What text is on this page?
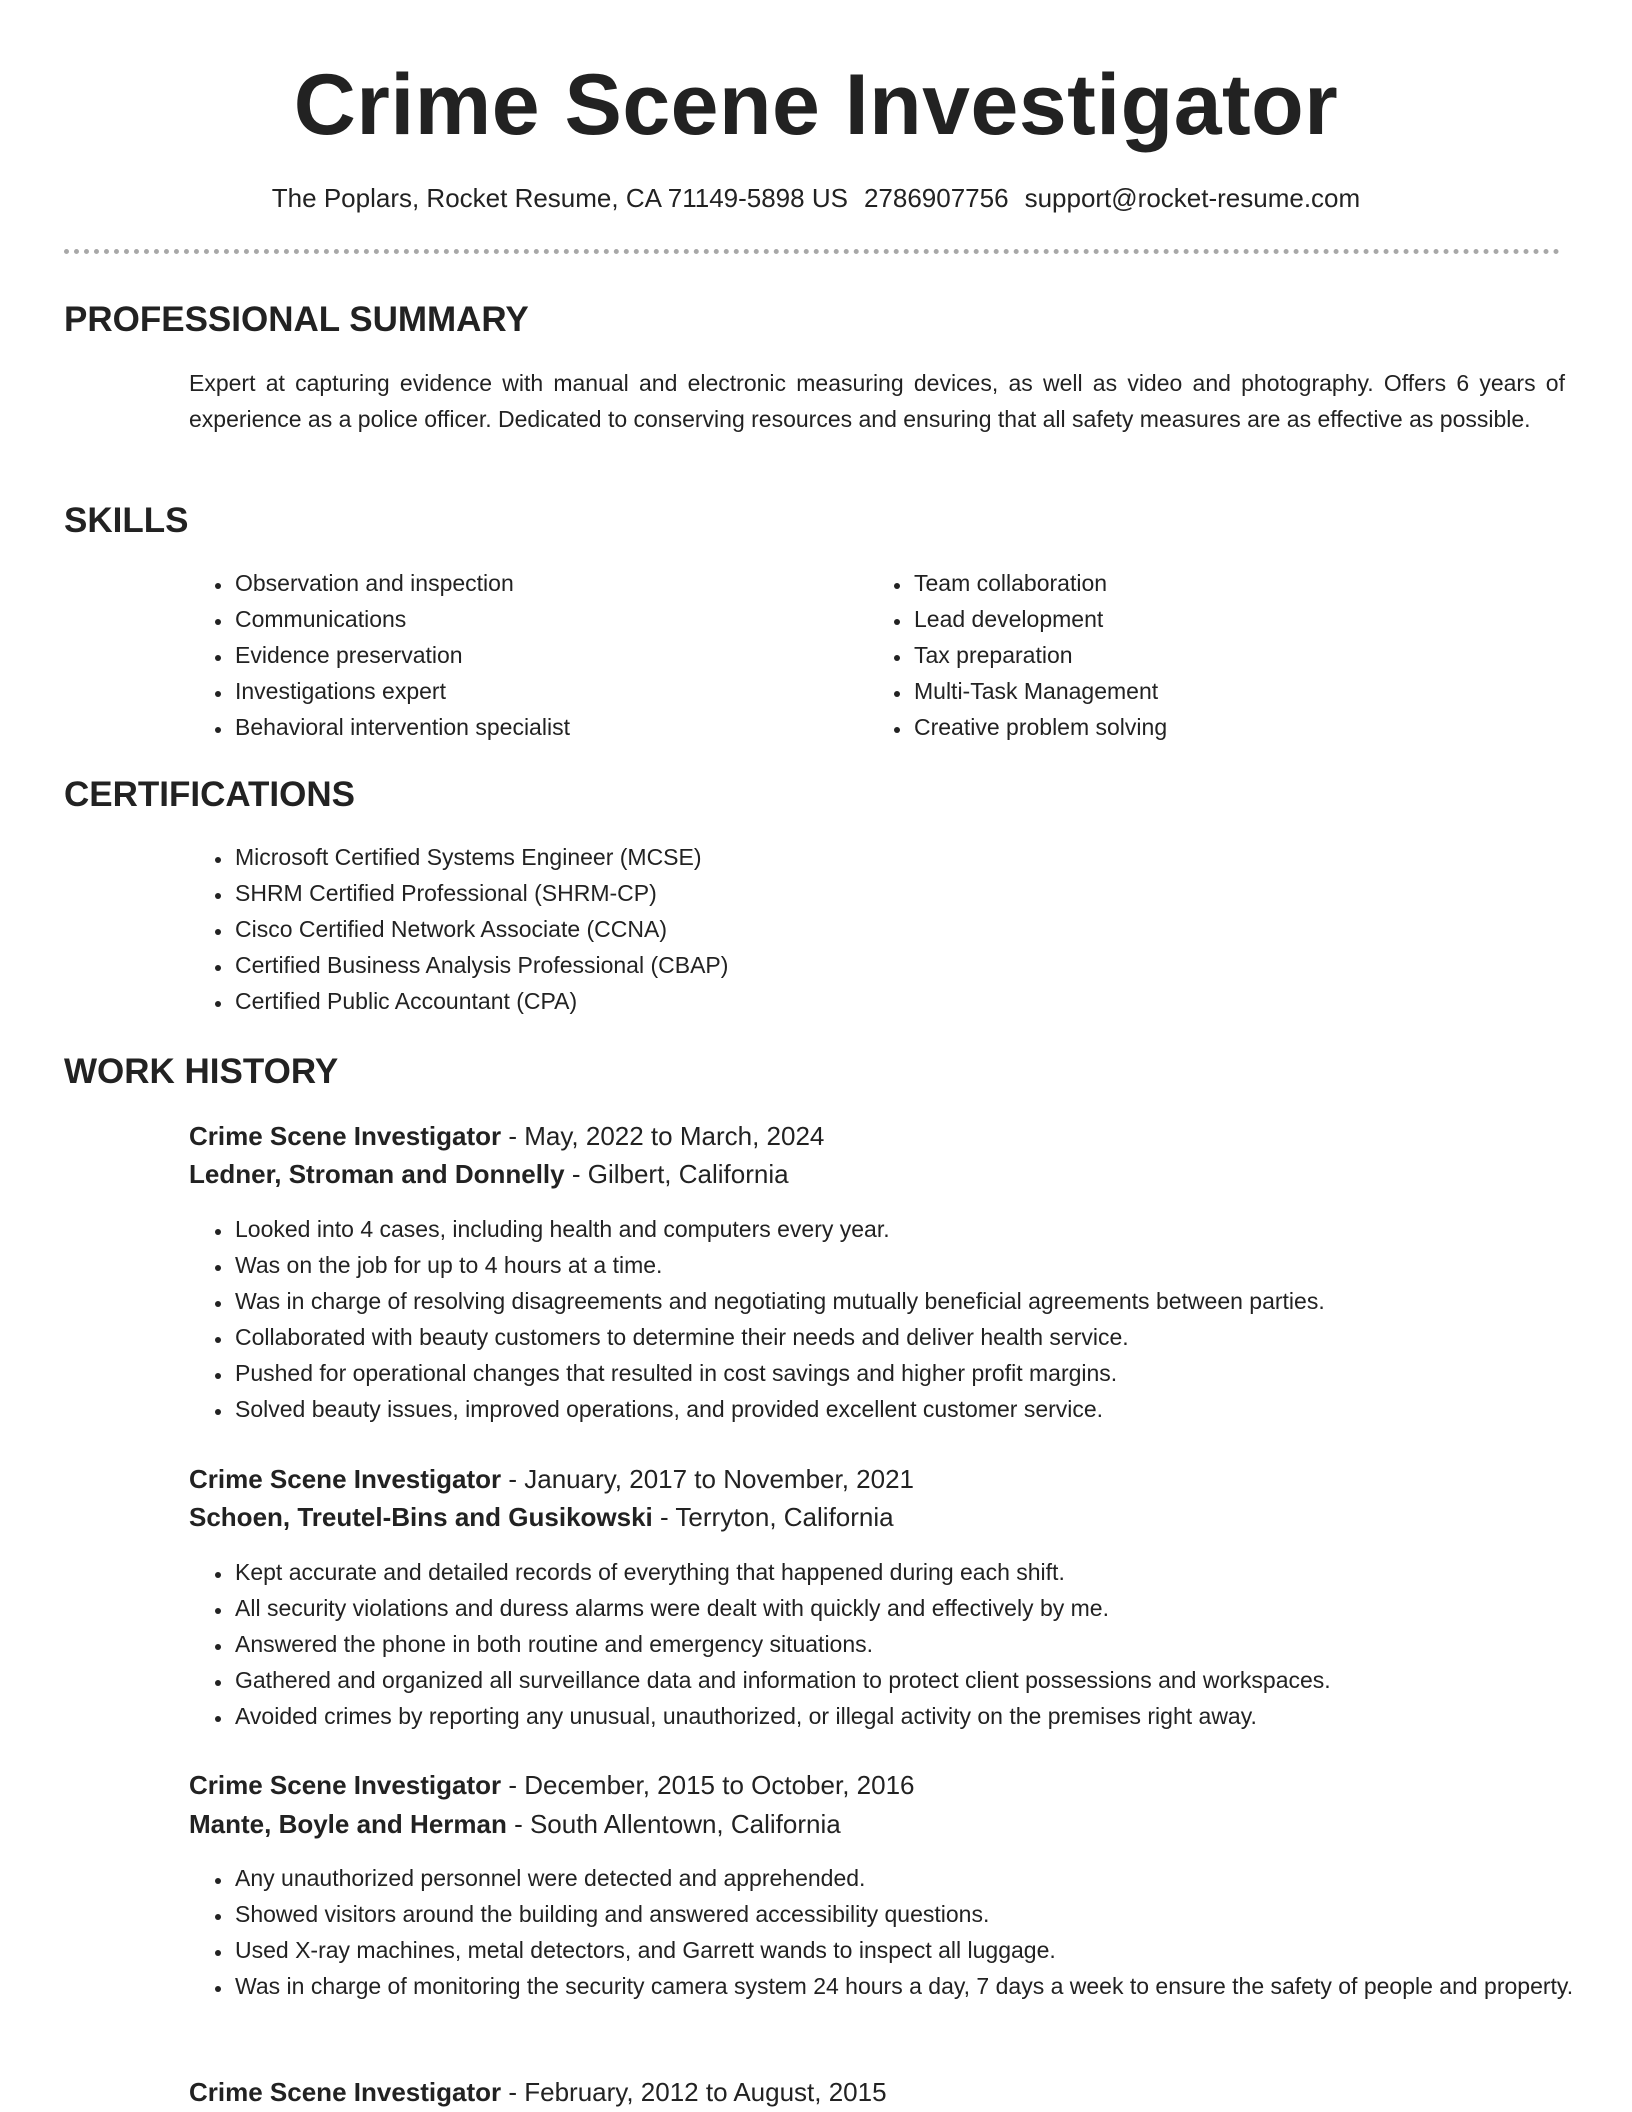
Crime Scene Investigator
The Poplars, Rocket Resume, CA 71149-5898 US 2786907756 support@rocket-resume.com
PROFESSIONAL SUMMARY
Expert at capturing evidence with manual and electronic measuring devices, as well as video and photography. Offers 6 years of experience as a police officer. Dedicated to conserving resources and ensuring that all safety measures are as effective as possible.
SKILLS
• Observation and inspection
• Communications
• Evidence preservation
• Investigations expert
• Behavioral intervention specialist
• Team collaboration
• Lead development
• Tax preparation
• Multi-Task Management
• Creative problem solving
CERTIFICATIONS
• Microsoft Certified Systems Engineer (MCSE)
• SHRM Certified Professional (SHRM-CP)
• Cisco Certified Network Associate (CCNA)
• Certified Business Analysis Professional (CBAP)
• Certified Public Accountant (CPA)
WORK HISTORY
Crime Scene Investigator - May, 2022 to March, 2024
Ledner, Stroman and Donnelly - Gilbert, California
• Looked into 4 cases, including health and computers every year.
• Was on the job for up to 4 hours at a time.
• Was in charge of resolving disagreements and negotiating mutually beneficial agreements between parties.
• Collaborated with beauty customers to determine their needs and deliver health service.
• Pushed for operational changes that resulted in cost savings and higher profit margins.
• Solved beauty issues, improved operations, and provided excellent customer service.
Crime Scene Investigator - January, 2017 to November, 2021
Schoen, Treutel-Bins and Gusikowski - Terryton, California
• Kept accurate and detailed records of everything that happened during each shift.
• All security violations and duress alarms were dealt with quickly and effectively by me.
• Answered the phone in both routine and emergency situations.
• Gathered and organized all surveillance data and information to protect client possessions and workspaces.
• Avoided crimes by reporting any unusual, unauthorized, or illegal activity on the premises right away.
Crime Scene Investigator - December, 2015 to October, 2016
Mante, Boyle and Herman - South Allentown, California
• Any unauthorized personnel were detected and apprehended.
• Showed visitors around the building and answered accessibility questions.
• Used X-ray machines, metal detectors, and Garrett wands to inspect all luggage.
• Was in charge of monitoring the security camera system 24 hours a day, 7 days a week to ensure the safety of people and property.
Crime Scene Investigator - February, 2012 to August, 2015
